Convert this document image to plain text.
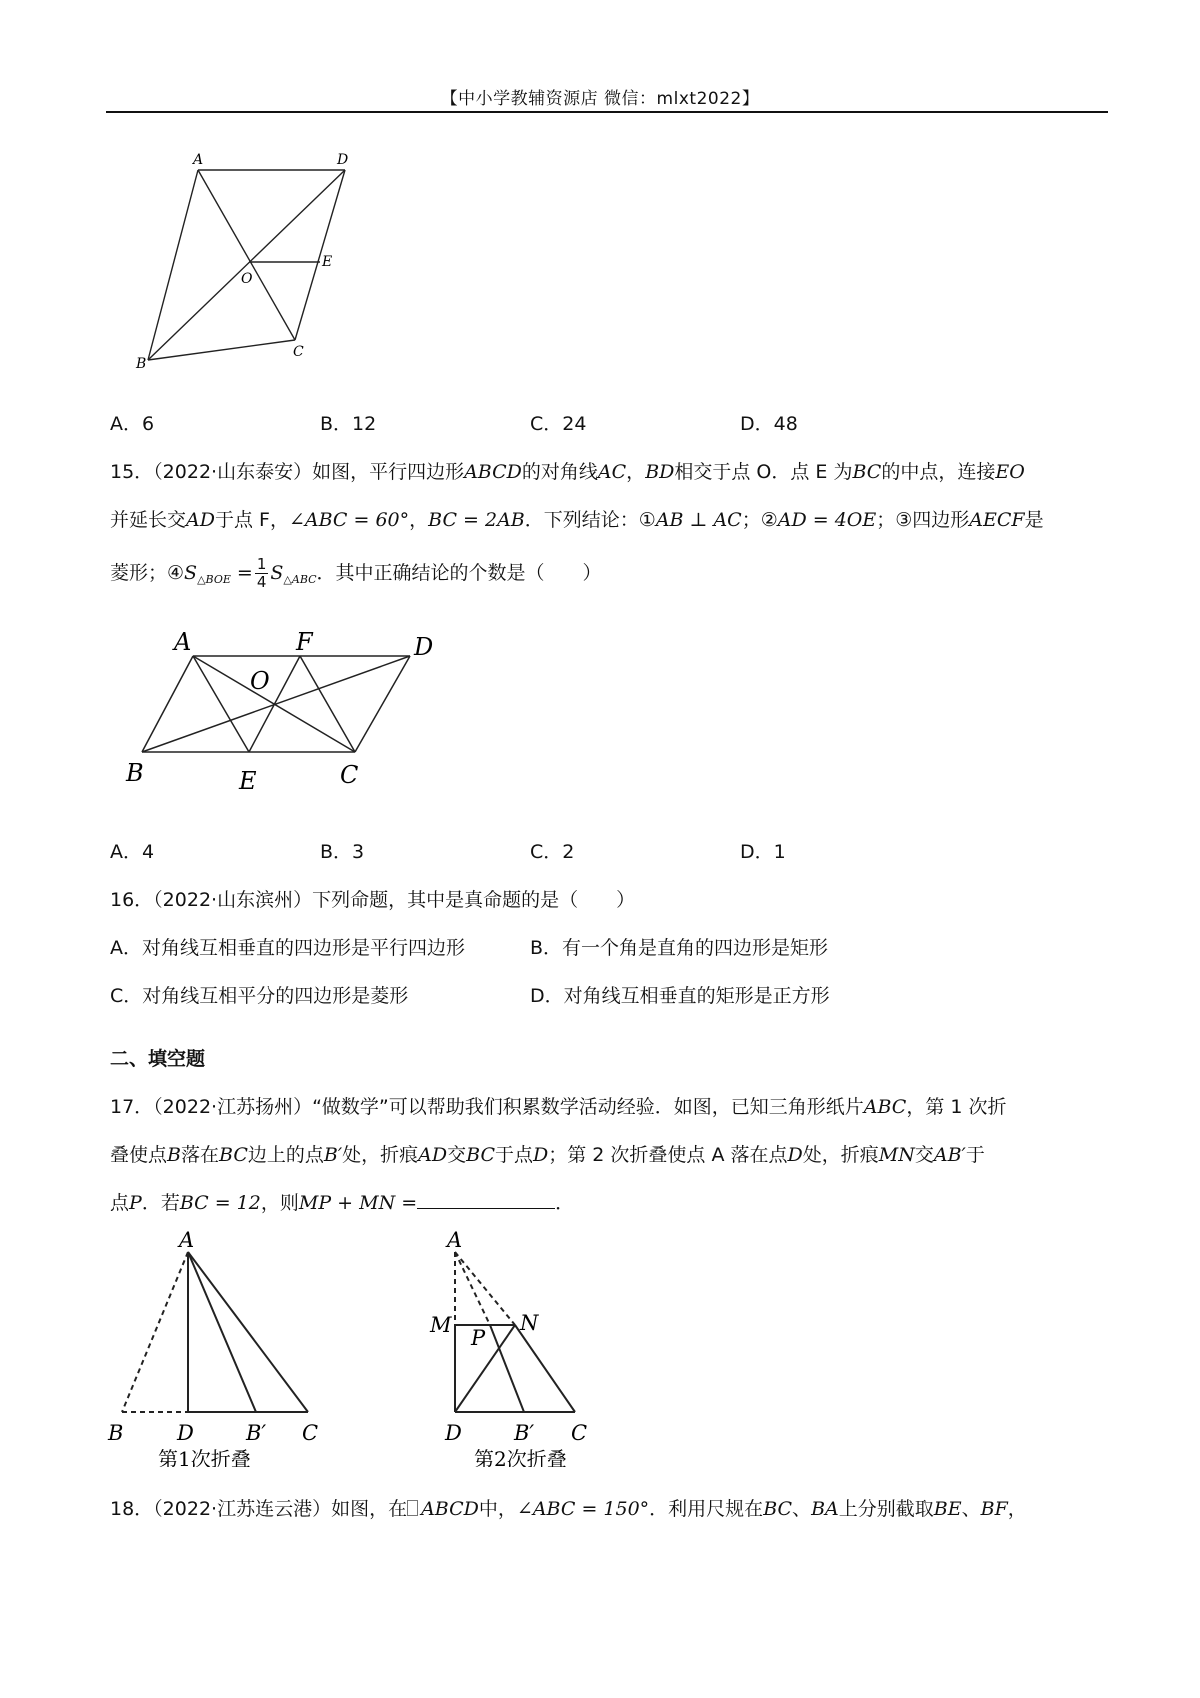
【中小学教辅资源店 微信：mlxt2022】
A	D
E
O
B
C
A．6	B．12	C．24	D．48
15．（2022·山东泰安）如图，平行四边形ABCD的对角线AC，BD相交于点 O．点 E 为BC的中点，连接EO
并延长交AD于点 F，∠ABC = 60°，BC = 2AB．下列结论：①AB ⊥ AC；②AD = 4OE；③四边形AECF是
菱形；$④S_{\triangle BOE} = \frac{1}{4} S_{\triangle ABC}$．其中正确结论的个数是（　　）
A	F	D
O
B	E	C
A．4	B．3	C．2	D．1
16．（2022·山东滨州）下列命题，其中是真命题的是（　　）
A．对角线互相垂直的四边形是平行四边形	B．有一个角是直角的四边形是矩形
C．对角线互相平分的四边形是菱形	D．对角线互相垂直的矩形是正方形
二、填空题
17．（2022·江苏扬州）“做数学”可以帮助我们积累数学活动经验．如图，已知三角形纸片ABC，第 1 次折
叠使点B落在BC边上的点B′处，折痕AD交BC于点D；第 2 次折叠使点 A 落在点D处，折痕MN交AB′于
点P．若BC = 12，则MP + MN =	．
A
B	D B′ C
第1次折叠
A
M	N
P
D B′ C
第2次折叠
18．（2022·江苏连云港）如图，在 ABCD中，∠ABC = 150°．利用尺规在BC、BA上分别截取BE、BF，
